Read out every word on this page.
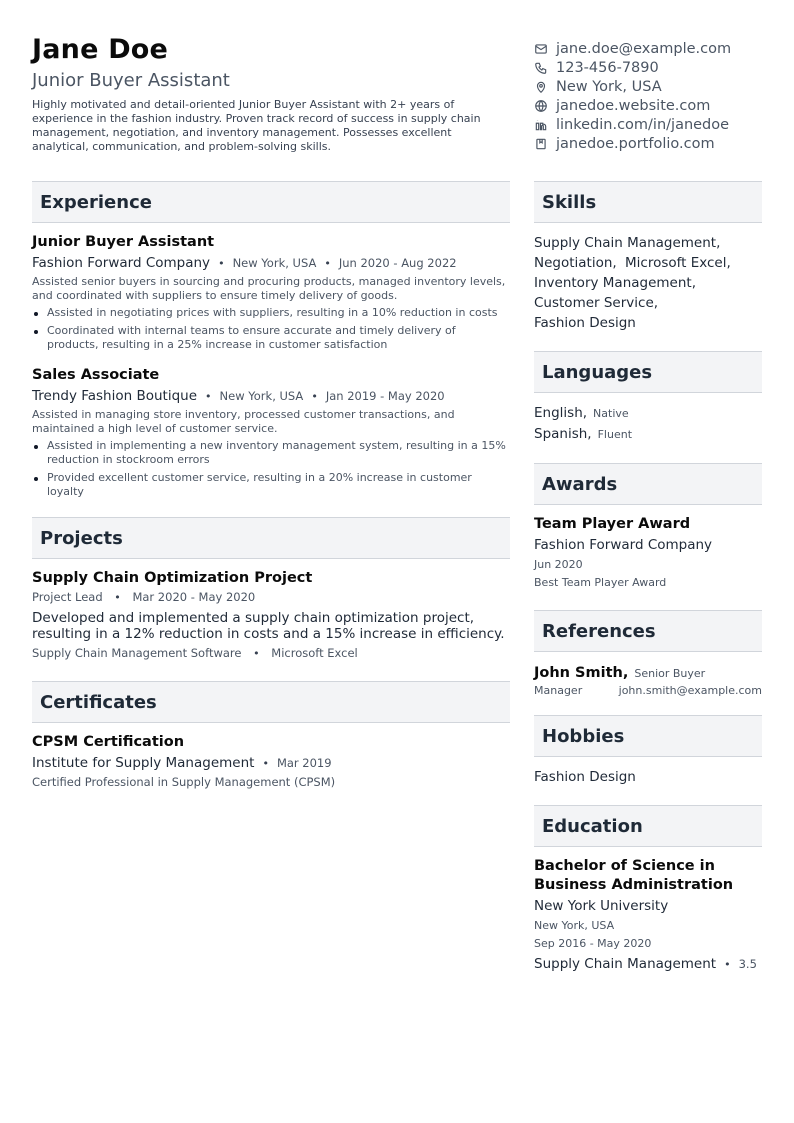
Jane Doe
Junior Buyer Assistant
Highly motivated and detail-oriented Junior Buyer Assistant with 2+ years of experience in the fashion industry. Proven track record of success in supply chain management, negotiation, and inventory management. Possesses excellent analytical, communication, and problem-solving skills.
jane.doe@example.com
123-456-7890
New York, USA
janedoe.website.com
linkedin.com/in/janedoe
janedoe.portfolio.com
Experience
Junior Buyer Assistant
Fashion Forward Company • New York, USA • Jun 2020 - Aug 2022
Assisted senior buyers in sourcing and procuring products, managed inventory levels, and coordinated with suppliers to ensure timely delivery of goods.
Assisted in negotiating prices with suppliers, resulting in a 10% reduction in costs
Coordinated with internal teams to ensure accurate and timely delivery of products, resulting in a 25% increase in customer satisfaction
Sales Associate
Trendy Fashion Boutique • New York, USA • Jan 2019 - May 2020
Assisted in managing store inventory, processed customer transactions, and maintained a high level of customer service.
Assisted in implementing a new inventory management system, resulting in a 15% reduction in stockroom errors
Provided excellent customer service, resulting in a 20% increase in customer loyalty
Projects
Supply Chain Optimization Project
Project Lead • Mar 2020 - May 2020
Developed and implemented a supply chain optimization project, resulting in a 12% reduction in costs and a 15% increase in efficiency.
Supply Chain Management Software • Microsoft Excel
Certificates
CPSM Certification
Institute for Supply Management • Mar 2019
Certified Professional in Supply Management (CPSM)
Skills
Supply Chain Management,
Negotiation, Microsoft Excel,
Inventory Management,
Customer Service,
Fashion Design
Languages
English, Native
Spanish, Fluent
Awards
Team Player Award
Fashion Forward Company
Jun 2020
Best Team Player Award
References
John Smith, Senior Buyer
Manager	john.smith@example.com
Hobbies
Fashion Design
Education
Bachelor of Science in Business Administration
New York University
New York, USA
Sep 2016 - May 2020
Supply Chain Management • 3.5
